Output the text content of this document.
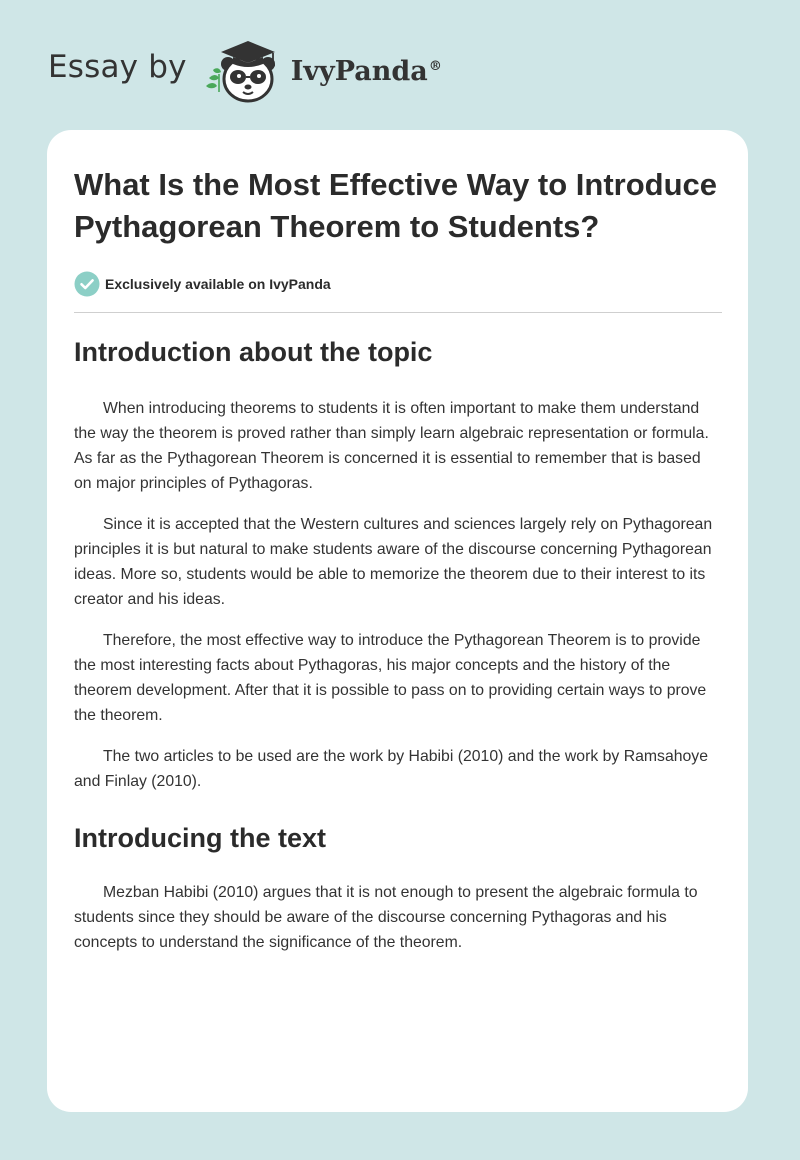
Essay by	IvyPanda®
What Is the Most Effective Way to Introduce Pythagorean Theorem to Students?
Exclusively available on IvyPanda
Introduction about the topic

When introducing theorems to students it is often important to make them understand the way the theorem is proved rather than simply learn algebraic representation or formula. As far as the Pythagorean Theorem is concerned it is essential to remember that is based on major principles of Pythagoras.

Since it is accepted that the Western cultures and sciences largely rely on Pythagorean principles it is but natural to make students aware of the discourse concerning Pythagorean ideas. More so, students would be able to memorize the theorem due to their interest to its creator and his ideas.

Therefore, the most effective way to introduce the Pythagorean Theorem is to provide the most interesting facts about Pythagoras, his major concepts and the history of the theorem development. After that it is possible to pass on to providing certain ways to prove the theorem.

The two articles to be used are the work by Habibi (2010) and the work by Ramsahoye and Finlay (2010).

Introducing the text

Mezban Habibi (2010) argues that it is not enough to present the algebraic formula to students since they should be aware of the discourse concerning Pythagoras and his concepts to understand the significance of the theorem.
